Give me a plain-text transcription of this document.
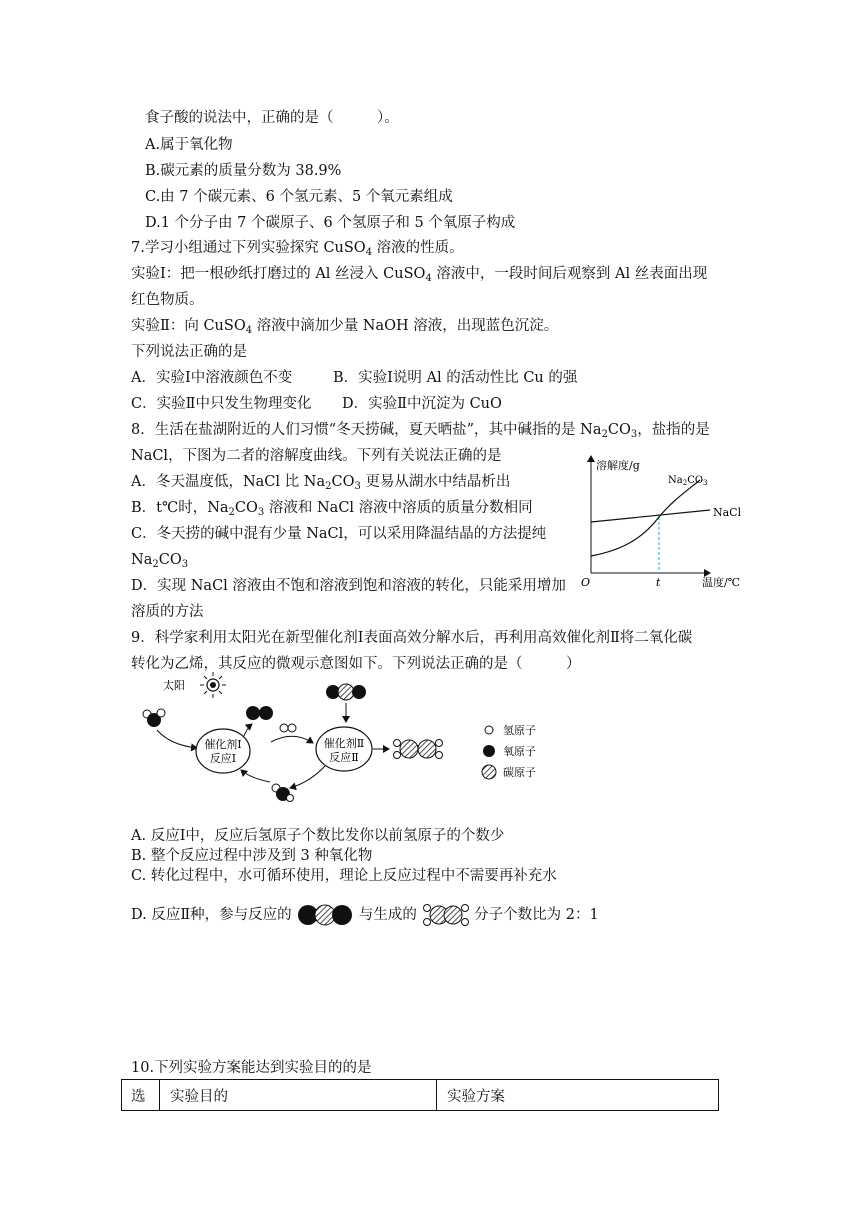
食子酸的说法中，正确的是（　　　）。
A.属于氧化物
B.碳元素的质量分数为 38.9%
C.由 7 个碳元素、6 个氢元素、5 个氧元素组成
D.1 个分子由 7 个碳原子、6 个氢原子和 5 个氧原子构成
7.学习小组通过下列实验探究 CuSO$_4$ 溶液的性质。
实验Ⅰ：把一根砂纸打磨过的 Al 丝浸入 CuSO$_4$ 溶液中，一段时间后观察到 Al 丝表面出现
红色物质。
实验Ⅱ：向 CuSO$_4$ 溶液中滴加少量 NaOH 溶液，出现蓝色沉淀。
下列说法正确的是
A．实验Ⅰ中溶液颜色不变	B．实验Ⅰ说明 Al 的活动性比 Cu 的强
C．实验Ⅱ中只发生物理变化 D．实验Ⅱ中沉淀为 CuO
8．生活在盐湖附近的人们习惯“冬天捞碱，夏天晒盐”，其中碱指的是 $Na_2CO_3$，盐指的是
NaCl，下图为二者的溶解度曲线。下列有关说法正确的是
A．冬天温度低，NaCl 比 $Na_2CO_3$ 更易从湖水中结晶析出
B．t℃时，$Na_2CO_3$ 溶液和 NaCl 溶液中溶质的质量分数相同
C．冬天捞的碱中混有少量 NaCl，可以采用降温结晶的方法提纯
$Na_2CO_3$
D．实现 NaCl 溶液由不饱和溶液到饱和溶液的转化，只能采用增加
溶质的方法
溶解度/g
温度/℃
O	t
$Na_2CO_3$
NaCl
9．科学家利用太阳光在新型催化剂Ⅰ表面高效分解水后，再利用高效催化剂Ⅱ将二氧化碳
转化为乙烯，其反应的微观示意图如下。下列说法正确的是（　　　）
太阳
催化剂Ⅰ
反应Ⅰ
催化剂Ⅱ
反应Ⅱ
氢原子
氧原子
碳原子
A. 反应Ⅰ中，反应后氢原子个数比发你以前氢原子的个数少
B. 整个反应过程中涉及到 3 种氧化物
C. 转化过程中，水可循环使用，理论上反应过程中不需要再补充水
D. 反应Ⅱ种，参与反应的	与生成的	分子个数比为 2：1
10.下列实验方案能达到实验目的的是
选	实验目的	实验方案
